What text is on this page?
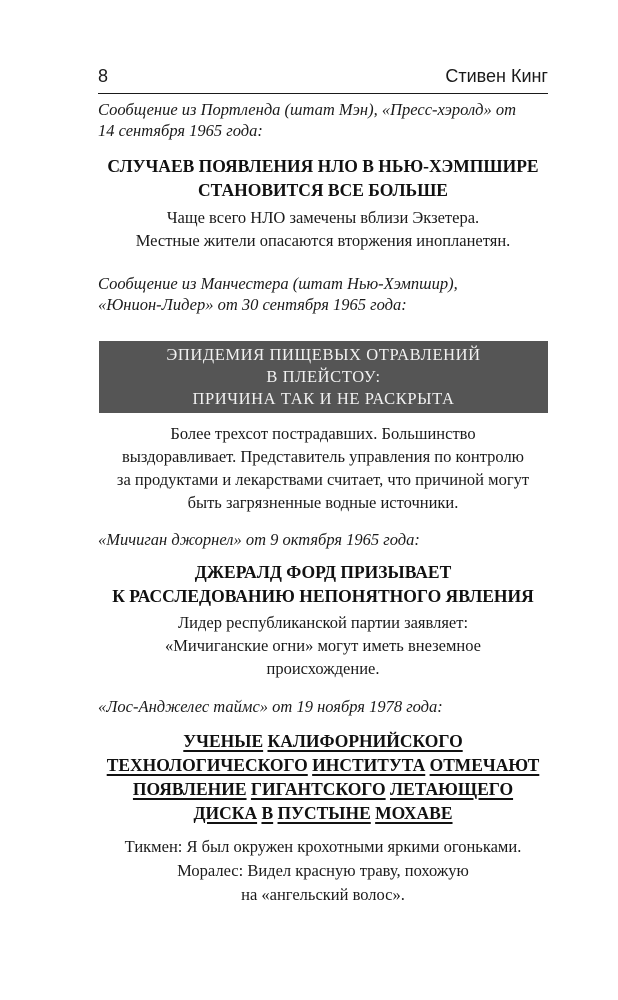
8	Стивен Кинг
Сообщение из Портленда (штат Мэн), «Пресс-хэролд» от
14 сентября 1965 года:
СЛУЧАЕВ ПОЯВЛЕНИЯ НЛО В НЬЮ-ХЭМПШИРЕ
СТАНОВИТСЯ ВСЕ БОЛЬШЕ
Чаще всего НЛО замечены вблизи Экзетера.
Местные жители опасаются вторжения инопланетян.
Сообщение из Манчестера (штат Нью-Хэмпшир),
«Юнион-Лидер» от 30 сентября 1965 года:
ЭПИДЕМИЯ ПИЩЕВЫХ ОТРАВЛЕНИЙ
В ПЛЕЙСТОУ:
ПРИЧИНА ТАК И НЕ РАСКРЫТА
Более трехсот пострадавших. Большинство
выздоравливает. Представитель управления по контролю
за продуктами и лекарствами считает, что причиной могут
быть загрязненные водные источники.
«Мичиган джорнел» от 9 октября 1965 года:
ДЖЕРАЛД ФОРД ПРИЗЫВАЕТ
К РАССЛЕДОВАНИЮ НЕПОНЯТНОГО ЯВЛЕНИЯ
Лидер республиканской партии заявляет:
«Мичиганские огни» могут иметь внеземное
происхождение.
«Лос-Анджелес таймс» от 19 ноября 1978 года:
УЧЕНЫЕ КАЛИФОРНИЙСКОГО
ТЕХНОЛОГИЧЕСКОГО ИНСТИТУТА ОТМЕЧАЮТ
ПОЯВЛЕНИЕ ГИГАНТСКОГО ЛЕТАЮЩЕГО
ДИСКА В ПУСТЫНЕ МОХАВЕ
Тикмен: Я был окружен крохотными яркими огоньками.
Моралес: Видел красную траву, похожую
на «ангельский волос».
